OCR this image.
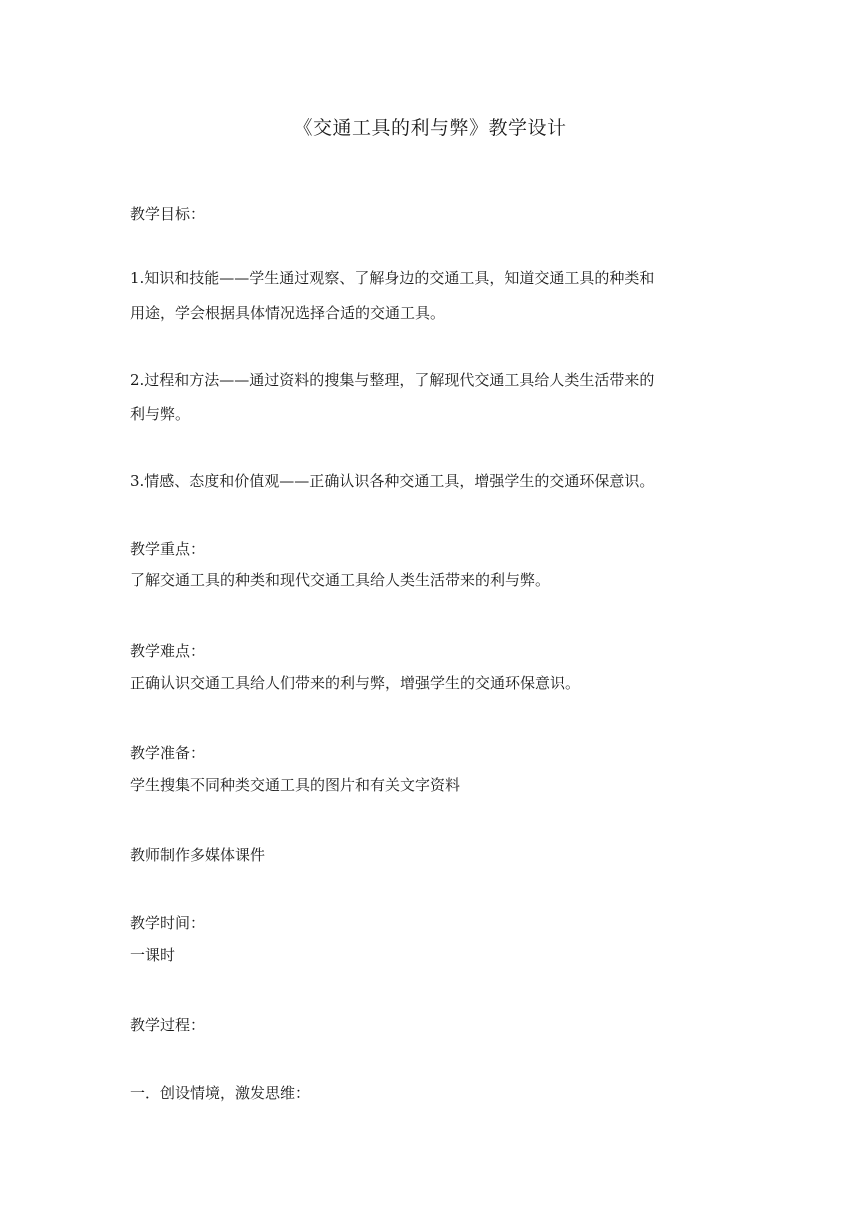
《交通工具的利与弊》教学设计
教学目标：
1.知识和技能——学生通过观察、了解身边的交通工具，知道交通工具的种类和
用途，学会根据具体情况选择合适的交通工具。
2.过程和方法——通过资料的搜集与整理，了解现代交通工具给人类生活带来的
利与弊。
3.情感、态度和价值观——正确认识各种交通工具，增强学生的交通环保意识。
教学重点：
了解交通工具的种类和现代交通工具给人类生活带来的利与弊。
教学难点：
正确认识交通工具给人们带来的利与弊，增强学生的交通环保意识。
教学准备：
学生搜集不同种类交通工具的图片和有关文字资料
教师制作多媒体课件
教学时间：
一课时
教学过程：
一．创设情境，激发思维：
